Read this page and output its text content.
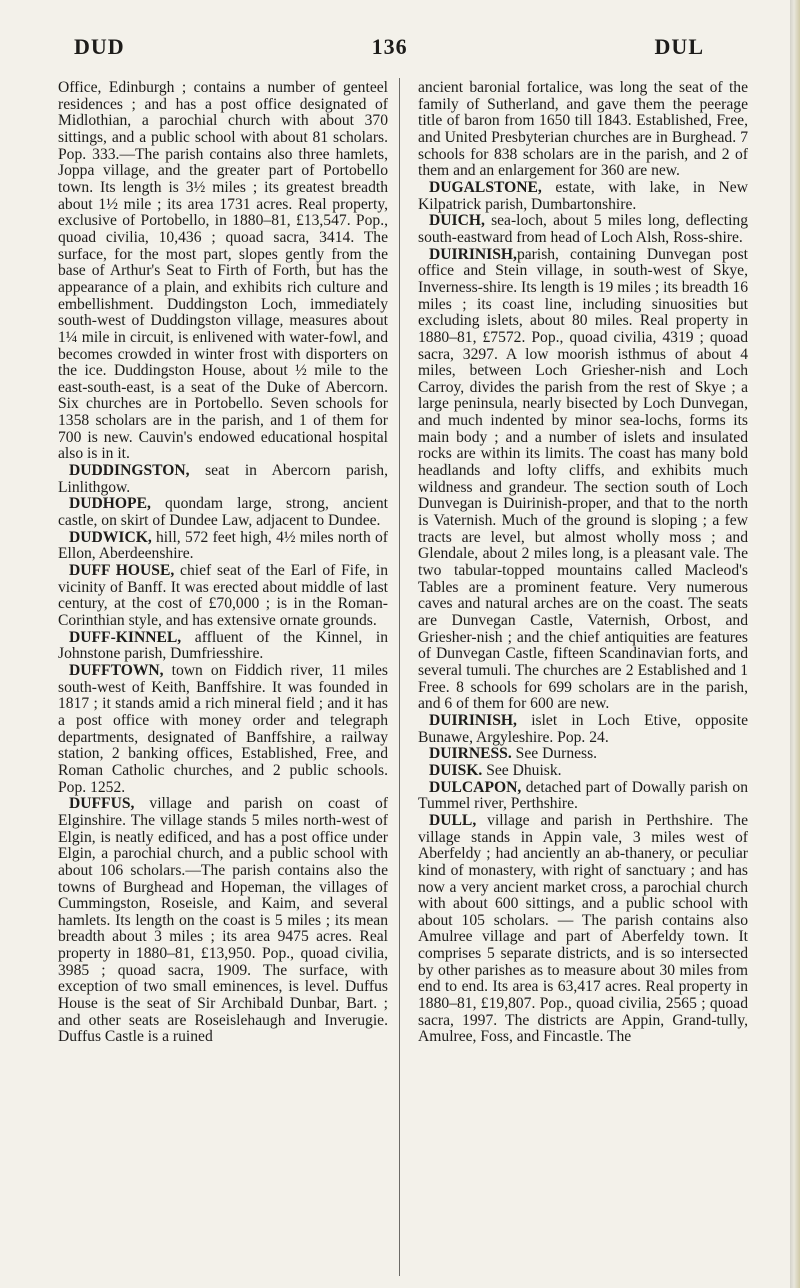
DUD	136	DUL

Office, Edinburgh ; contains a number of genteel residences ; and has a post office designated of Midlothian, a parochial church with about 370 sittings, and a public school with about 81 scholars. Pop. 333.—The parish contains also three hamlets, Joppa village, and the greater part of Portobello town. Its length is 3½ miles ; its greatest breadth about 1½ mile ; its area 1731 acres. Real property, exclusive of Portobello, in 1880–81, £13,547. Pop., quoad civilia, 10,436 ; quoad sacra, 3414. The surface, for the most part, slopes gently from the base of Arthur's Seat to Firth of Forth, but has the appearance of a plain, and exhibits rich culture and embellishment. Duddingston Loch, immediately south-west of Duddingston village, measures about 1¼ mile in circuit, is enlivened with water-fowl, and becomes crowded in winter frost with disporters on the ice. Duddingston House, about ½ mile to the east-south-east, is a seat of the Duke of Abercorn. Six churches are in Portobello. Seven schools for 1358 scholars are in the parish, and 1 of them for 700 is new. Cauvin's endowed educational hospital also is in it.

DUDDINGSTON, seat in Abercorn parish, Linlithgow.

DUDHOPE, quondam large, strong, ancient castle, on skirt of Dundee Law, adjacent to Dundee.

DUDWICK, hill, 572 feet high, 4½ miles north of Ellon, Aberdeenshire.

DUFF HOUSE, chief seat of the Earl of Fife, in vicinity of Banff. It was erected about middle of last century, at the cost of £70,000 ; is in the Roman-Corinthian style, and has extensive ornate grounds.

DUFF-KINNEL, affluent of the Kinnel, in Johnstone parish, Dumfriesshire.

DUFFTOWN, town on Fiddich river, 11 miles south-west of Keith, Banffshire. It was founded in 1817 ; it stands amid a rich mineral field ; and it has a post office with money order and telegraph departments, designated of Banffshire, a railway station, 2 banking offices, Established, Free, and Roman Catholic churches, and 2 public schools. Pop. 1252.

DUFFUS, village and parish on coast of Elginshire. The village stands 5 miles north-west of Elgin, is neatly edificed, and has a post office under Elgin, a parochial church, and a public school with about 106 scholars.—The parish contains also the towns of Burghead and Hopeman, the villages of Cummingston, Roseisle, and Kaim, and several hamlets. Its length on the coast is 5 miles ; its mean breadth about 3 miles ; its area 9475 acres. Real property in 1880–81, £13,950. Pop., quoad civilia, 3985 ; quoad sacra, 1909. The surface, with exception of two small eminences, is level. Duffus House is the seat of Sir Archibald Dunbar, Bart. ; and other seats are Roseislehaugh and Inverugie. Duffus Castle is a ruined

ancient baronial fortalice, was long the seat of the family of Sutherland, and gave them the peerage title of baron from 1650 till 1843. Established, Free, and United Presbyterian churches are in Burghead. 7 schools for 838 scholars are in the parish, and 2 of them and an enlargement for 360 are new.

DUGALSTONE, estate, with lake, in New Kilpatrick parish, Dumbartonshire.

DUICH, sea-loch, about 5 miles long, deflecting south-eastward from head of Loch Alsh, Ross-shire.

DUIRINISH,parish, containing Dunvegan post office and Stein village, in south-west of Skye, Inverness-shire. Its length is 19 miles ; its breadth 16 miles ; its coast line, including sinuosities but excluding islets, about 80 miles. Real property in 1880–81, £7572. Pop., quoad civilia, 4319 ; quoad sacra, 3297. A low moorish isthmus of about 4 miles, between Loch Griesher-nish and Loch Carroy, divides the parish from the rest of Skye ; a large peninsula, nearly bisected by Loch Dunvegan, and much indented by minor sea-lochs, forms its main body ; and a number of islets and insulated rocks are within its limits. The coast has many bold headlands and lofty cliffs, and exhibits much wildness and grandeur. The section south of Loch Dunvegan is Duirinish-proper, and that to the north is Vaternish. Much of the ground is sloping ; a few tracts are level, but almost wholly moss ; and Glendale, about 2 miles long, is a pleasant vale. The two tabular-topped mountains called Macleod's Tables are a prominent feature. Very numerous caves and natural arches are on the coast. The seats are Dunvegan Castle, Vaternish, Orbost, and Griesher-nish ; and the chief antiquities are features of Dunvegan Castle, fifteen Scandinavian forts, and several tumuli. The churches are 2 Established and 1 Free. 8 schools for 699 scholars are in the parish, and 6 of them for 600 are new.

DUIRINISH, islet in Loch Etive, opposite Bunawe, Argyleshire. Pop. 24.

DUIRNESS. See Durness.

DUISK. See Dhuisk.

DULCAPON, detached part of Dowally parish on Tummel river, Perthshire.

DULL, village and parish in Perthshire. The village stands in Appin vale, 3 miles west of Aberfeldy ; had anciently an ab-thanery, or peculiar kind of monastery, with right of sanctuary ; and has now a very ancient market cross, a parochial church with about 600 sittings, and a public school with about 105 scholars. — The parish contains also Amulree village and part of Aberfeldy town. It comprises 5 separate districts, and is so intersected by other parishes as to measure about 30 miles from end to end. Its area is 63,417 acres. Real property in 1880–81, £19,807. Pop., quoad civilia, 2565 ; quoad sacra, 1997. The districts are Appin, Grand-tully, Amulree, Foss, and Fincastle. The
